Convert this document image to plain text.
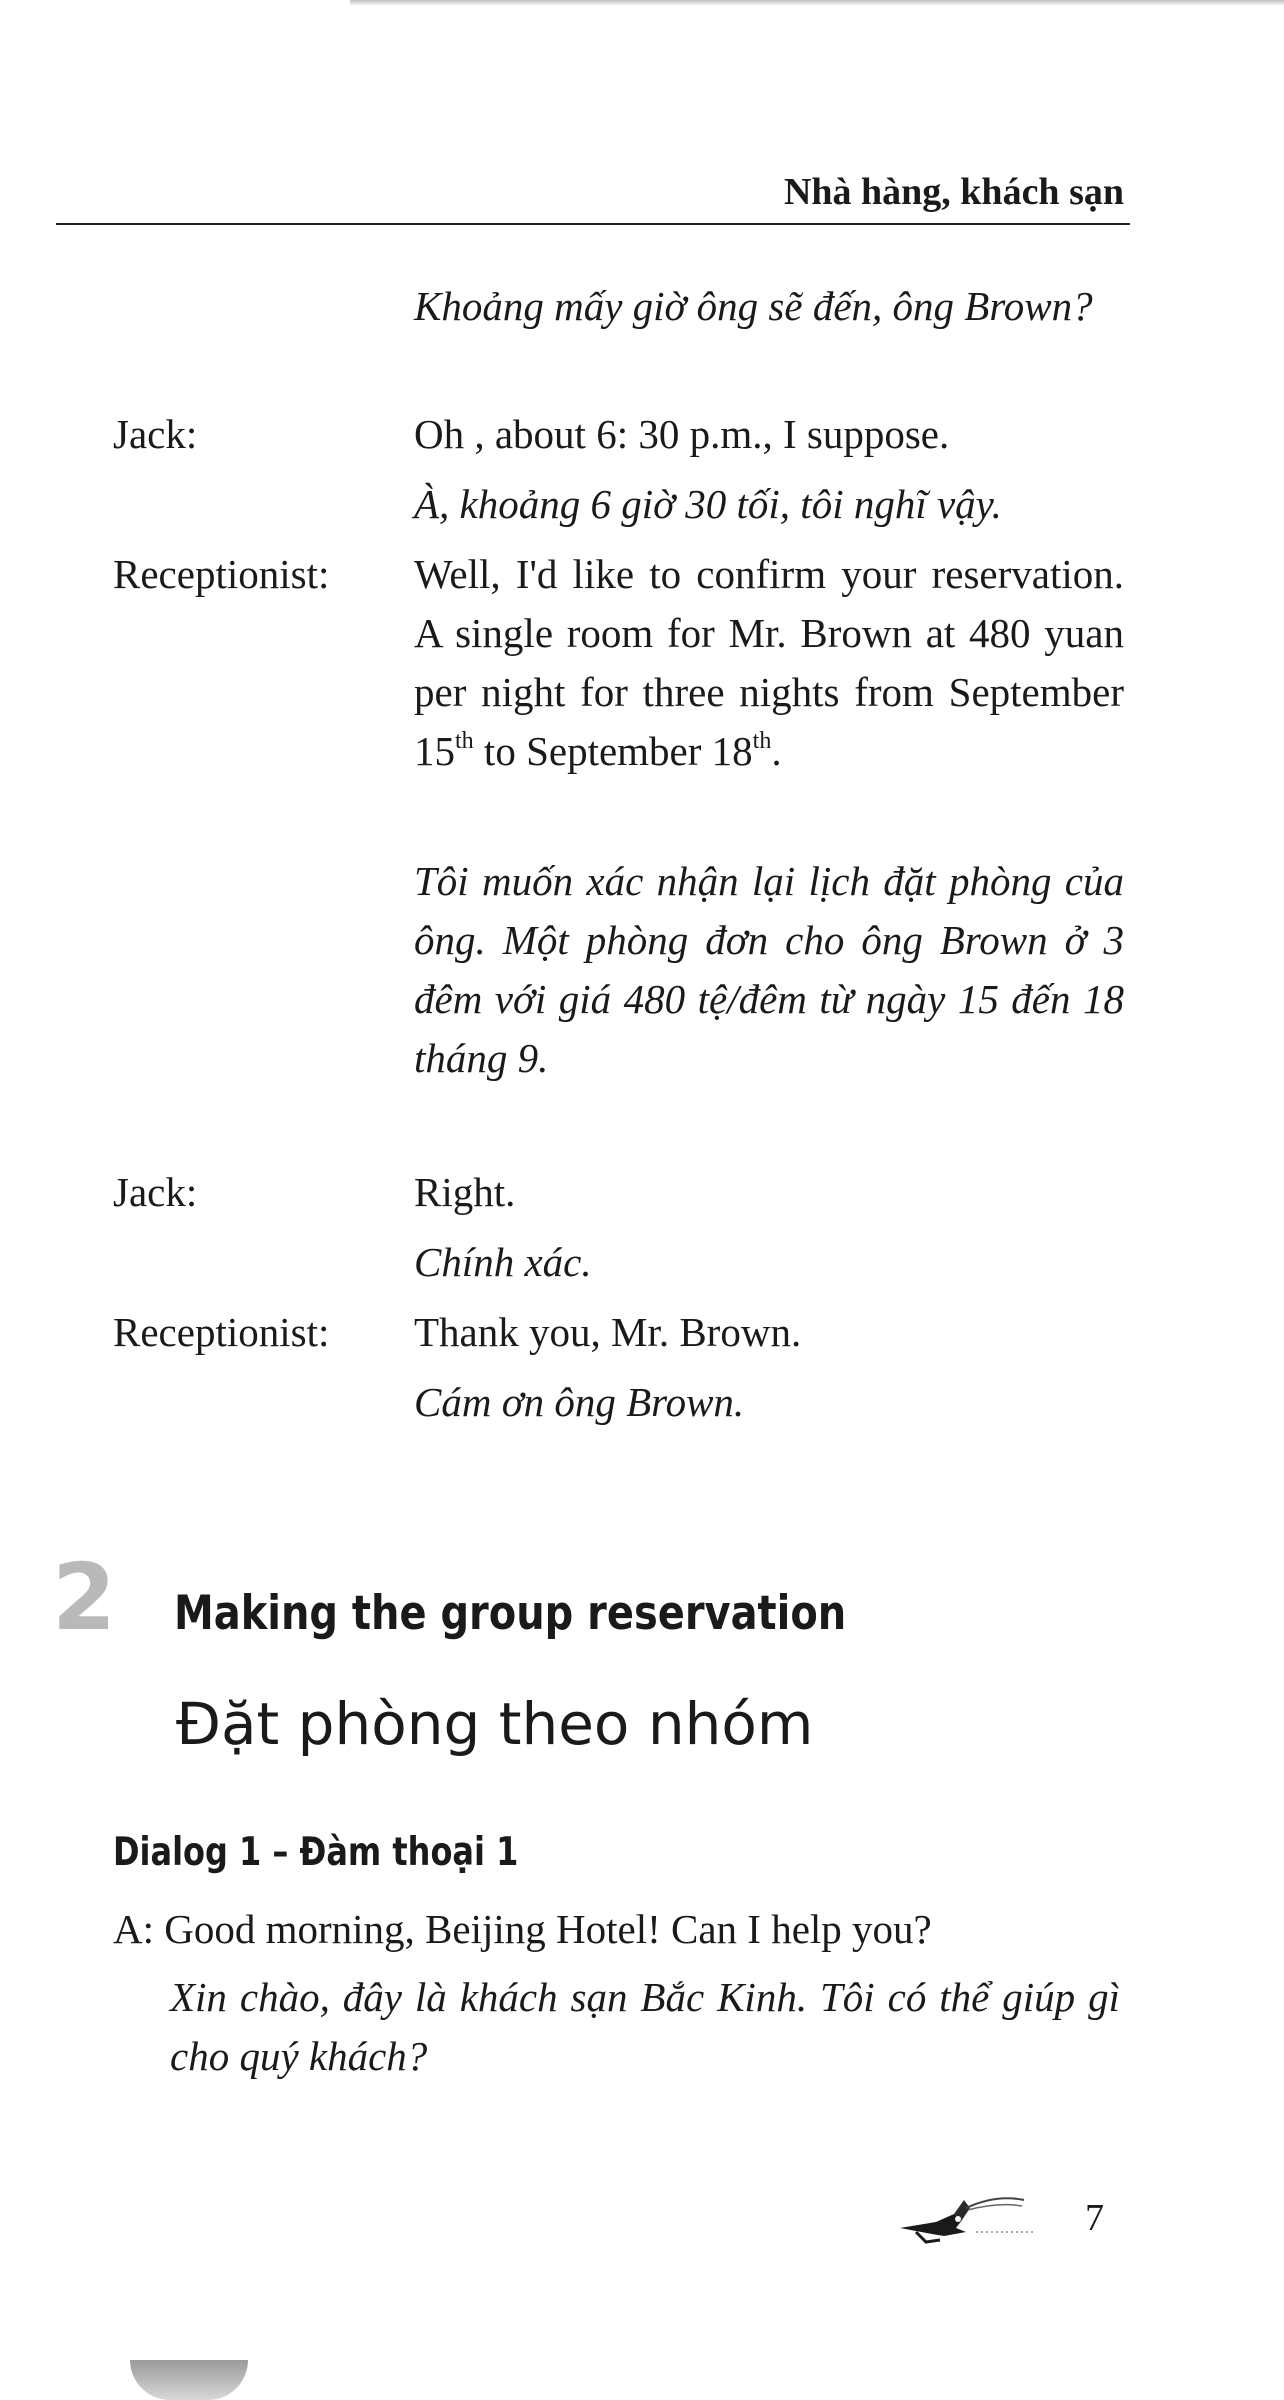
Nhà hàng, khách sạn
Khoảng mấy giờ ông sẽ đến, ông Brown?
Jack:	Oh , about 6: 30 p.m., I suppose.
À, khoảng 6 giờ 30 tối, tôi nghĩ vậy.
Receptionist: Well, I'd like to confirm your reservation. A single room for Mr. Brown at 480 yuan per night for three nights from September 15th to September 18th.
Tôi muốn xác nhận lại lịch đặt phòng của ông. Một phòng đơn cho ông Brown ở 3 đêm với giá 480 tệ/đêm từ ngày 15 đến 18 tháng 9.
Jack:	Right.
Chính xác.
Receptionist: Thank you, Mr. Brown.
Cám ơn ông Brown.
2 Making the group reservation
Đặt phòng theo nhóm
Dialog 1 – Đàm thoại 1
A: Good morning, Beijing Hotel! Can I help you?
Xin chào, đây là khách sạn Bắc Kinh. Tôi có thể giúp gì cho quý khách?
7
